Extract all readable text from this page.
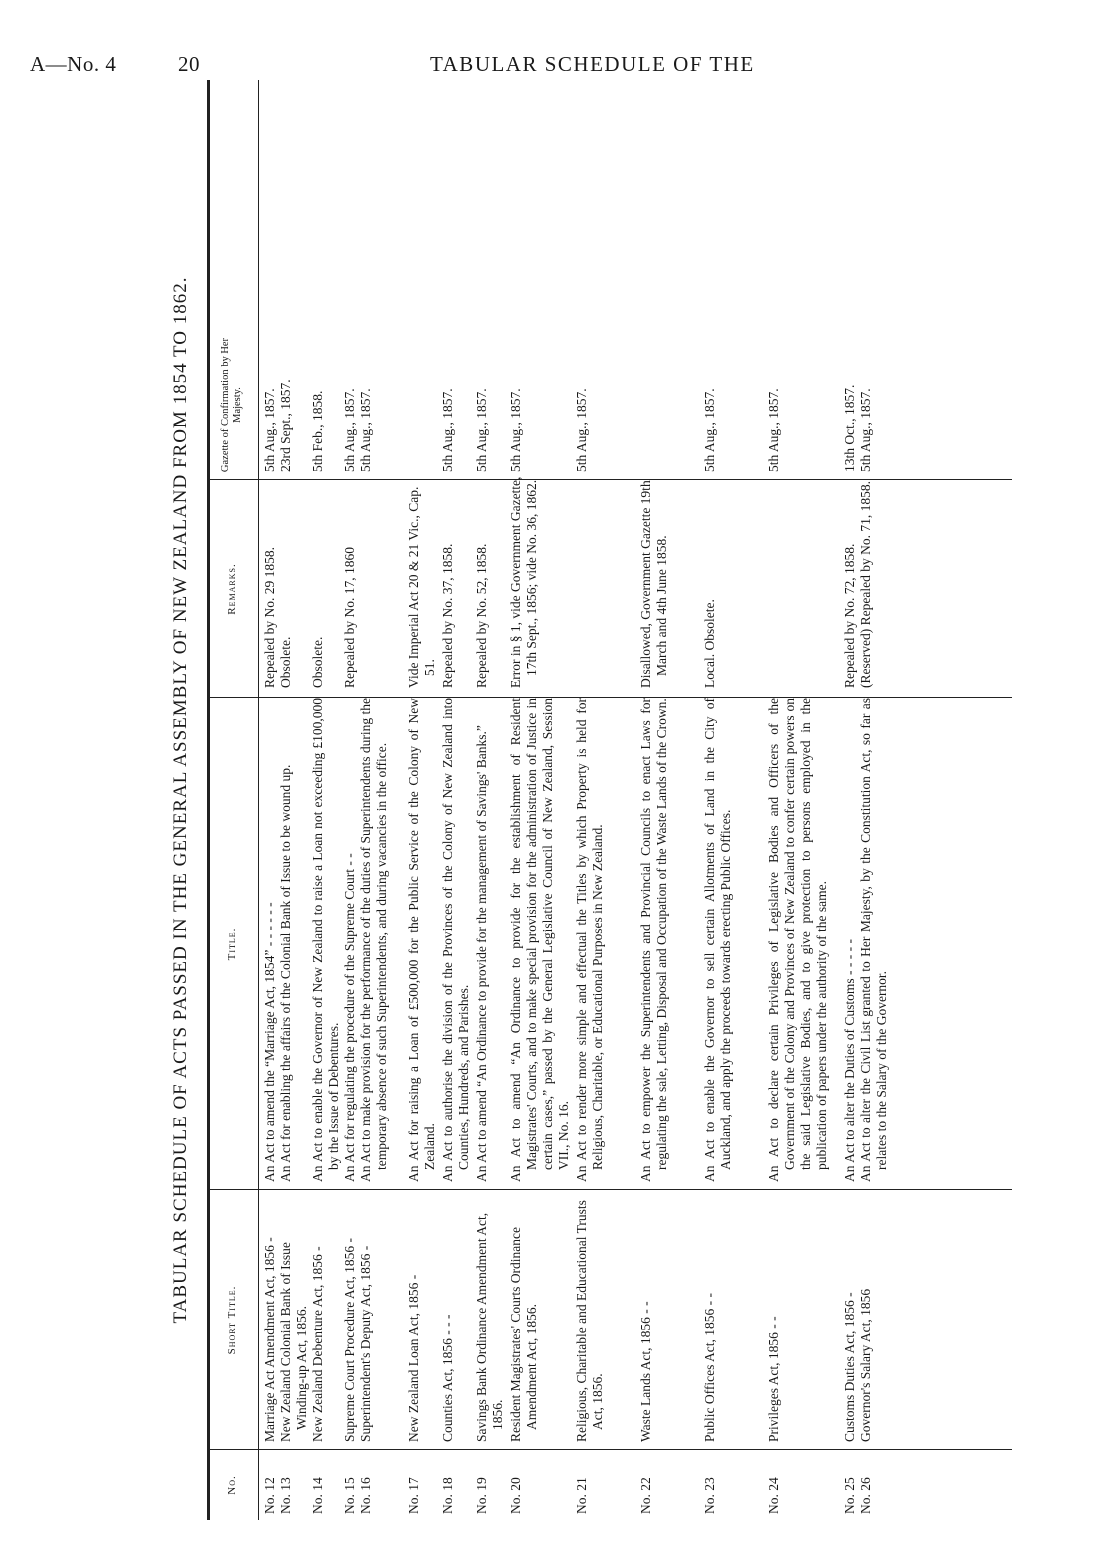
A—No. 4	20	TABULAR SCHEDULE OF THE
TABULAR SCHEDULE OF ACTS PASSED IN THE GENERAL ASSEMBLY OF NEW ZEALAND FROM 1854 TO 1862.
No.
Short Title.
Title.
Remarks.
Gazette of Confirmation by Her Majesty.
No. 12
Marriage Act Amendment Act, 1856 -
An Act to amend the “Marriage Act, 1854” - - - - - -
Repealed by No. 29 1858.
5th Aug., 1857.
No. 13
New Zealand Colonial Bank of Issue Winding-up Act, 1856.
An Act for enabling the affairs of the Colonial Bank of Issue to be wound up.
Obsolete.
23rd Sept., 1857.
No. 14
New Zealand Debenture Act, 1856 -
An Act to enable the Governor of New Zealand to raise a Loan not exceeding £100,000 by the Issue of Debentures.
Obsolete.
5th Feb., 1858.
No. 15
Supreme Court Procedure Act, 1856 -
An Act for regulating the procedure of the Supreme Court - -
Repealed by No. 17, 1860
5th Aug., 1857.
No. 16
Superintendent's Deputy Act, 1856 -
An Act to make provision for the performance of the duties of Superintendents during the temporary absence of such Superintendents, and during vacancies in the office.
5th Aug., 1857.
No. 17
New Zealand Loan Act, 1856 -
An Act for raising a Loan of £500,000 for the Public Service of the Colony of New Zealand.
Vide Imperial Act 20 & 21 Vic., Cap. 51.
No. 18
Counties Act, 1856 - - -
An Act to authorise the division of the Provinces of the Colony of New Zealand into Counties, Hundreds, and Parishes.
Repealed by No. 37, 1858.
5th Aug., 1857.
No. 19
Savings Bank Ordinance Amendment Act, 1856.
An Act to amend “An Ordinance to provide for the management of Savings' Banks.”
Repealed by No. 52, 1858.
5th Aug., 1857.
No. 20
Resident Magistrates' Courts Ordinance Amendment Act, 1856.
An Act to amend “An Ordinance to provide for the establishment of Resident Magistrates' Courts, and to make special provision for the administration of Justice in certain cases,” passed by the General Legislative Council of New Zealand, Session VII., No. 16.
Error in § 1, vide Government Gazette, 17th Sept., 1856; vide No. 36, 1862.
5th Aug., 1857.
No. 21
Religious, Charitable and Educational Trusts Act, 1856.
An Act to render more simple and effectual the Titles by which Property is held for Religious, Charitable, or Educational Purposes in New Zealand.
5th Aug., 1857.
No. 22
Waste Lands Act, 1856 - -
An Act to empower the Superintendents and Provincial Councils to enact Laws for regulating the sale, Letting, Disposal and Occupation of the Waste Lands of the Crown.
Disallowed, Government Gazette 19th March and 4th June 1858.
No. 23
Public Offices Act, 1856 - -
An Act to enable the Governor to sell certain Allotments of Land in the City of Auckland, and apply the proceeds towards erecting Public Offices.
Local. Obsolete.
5th Aug., 1857.
No. 24
Privileges Act, 1856 - -
An Act to declare certain Privileges of Legislative Bodies and Officers of the Government of the Colony and Provinces of New Zealand to confer certain powers on the said Legislative Bodies, and to give protection to persons employed in the publication of papers under the authority of the same.
5th Aug., 1857.
No. 25
Customs Duties Act, 1856 -
An Act to alter the Duties of Customs - - - - -
Repealed by No. 72, 1858.
13th Oct., 1857.
No. 26
Governor's Salary Act, 1856
An Act to alter the Civil List granted to Her Majesty, by the Constitution Act, so far as relates to the Salary of the Governor.
(Reserved) Repealed by No. 71, 1858.
5th Aug., 1857.
